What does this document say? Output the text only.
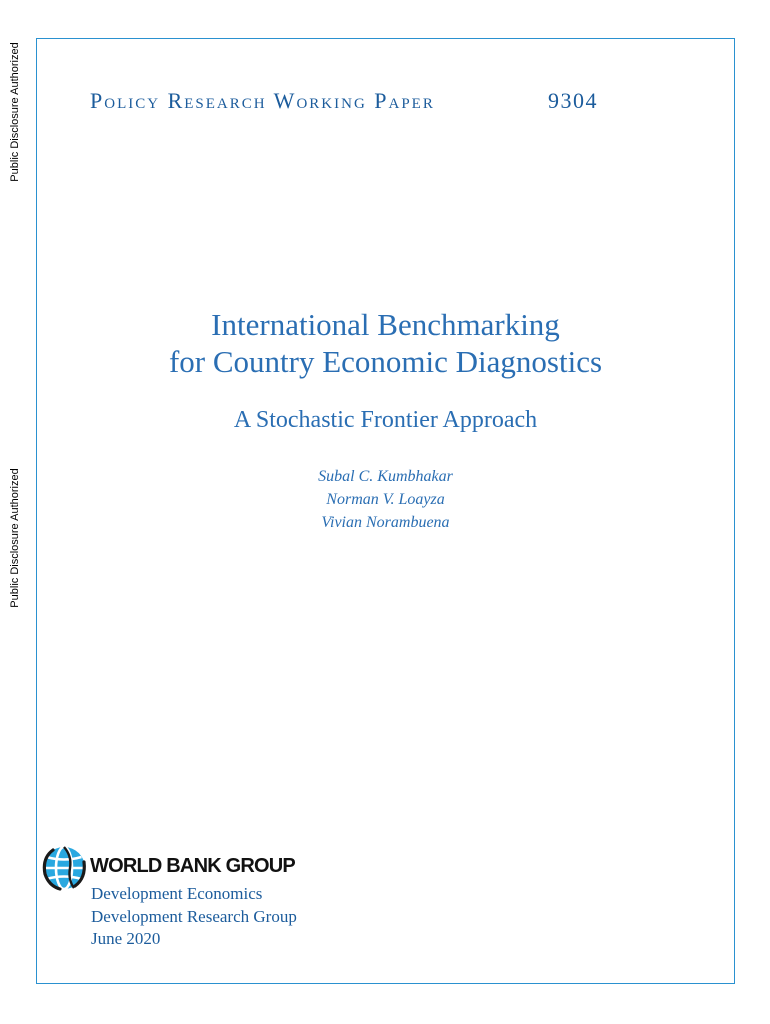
Public Disclosure Authorized
Public Disclosure Authorized
Policy Research Working Paper	9304
International Benchmarking
for Country Economic Diagnostics
A Stochastic Frontier Approach
Subal C. Kumbhakar
Norman V. Loayza
Vivian Norambuena
WORLD BANK GROUP
Development Economics
Development Research Group
June 2020
